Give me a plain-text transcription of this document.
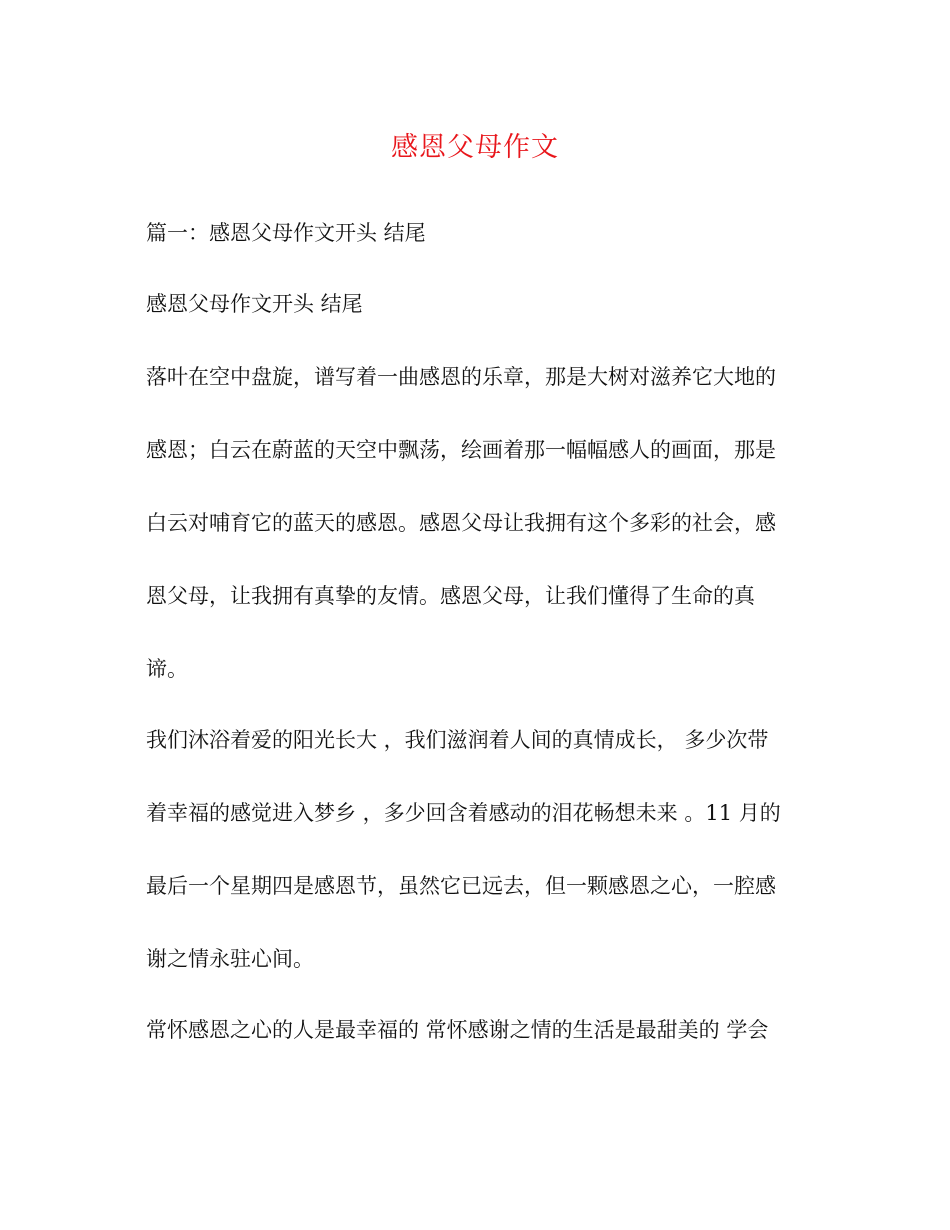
感恩父母作文
篇一：感恩父母作文开头 结尾
感恩父母作文开头 结尾
落叶在空中盘旋，谱写着一曲感恩的乐章，那是大树对滋养它大地的
感恩；白云在蔚蓝的天空中飘荡，绘画着那一幅幅感人的画面，那是
白云对哺育它的蓝天的感恩。感恩父母让我拥有这个多彩的社会，感
恩父母，让我拥有真挚的友情。感恩父母，让我们懂得了生命的真
谛。
我们沐浴着爱的阳光长大 ，我们滋润着人间的真情成长， 多少次带
着幸福的感觉进入梦乡 ，多少回含着感动的泪花畅想未来 。11 月的
最后一个星期四是感恩节，虽然它已远去，但一颗感恩之心，一腔感
谢之情永驻心间。
常怀感恩之心的人是最幸福的 常怀感谢之情的生活是最甜美的 学会
